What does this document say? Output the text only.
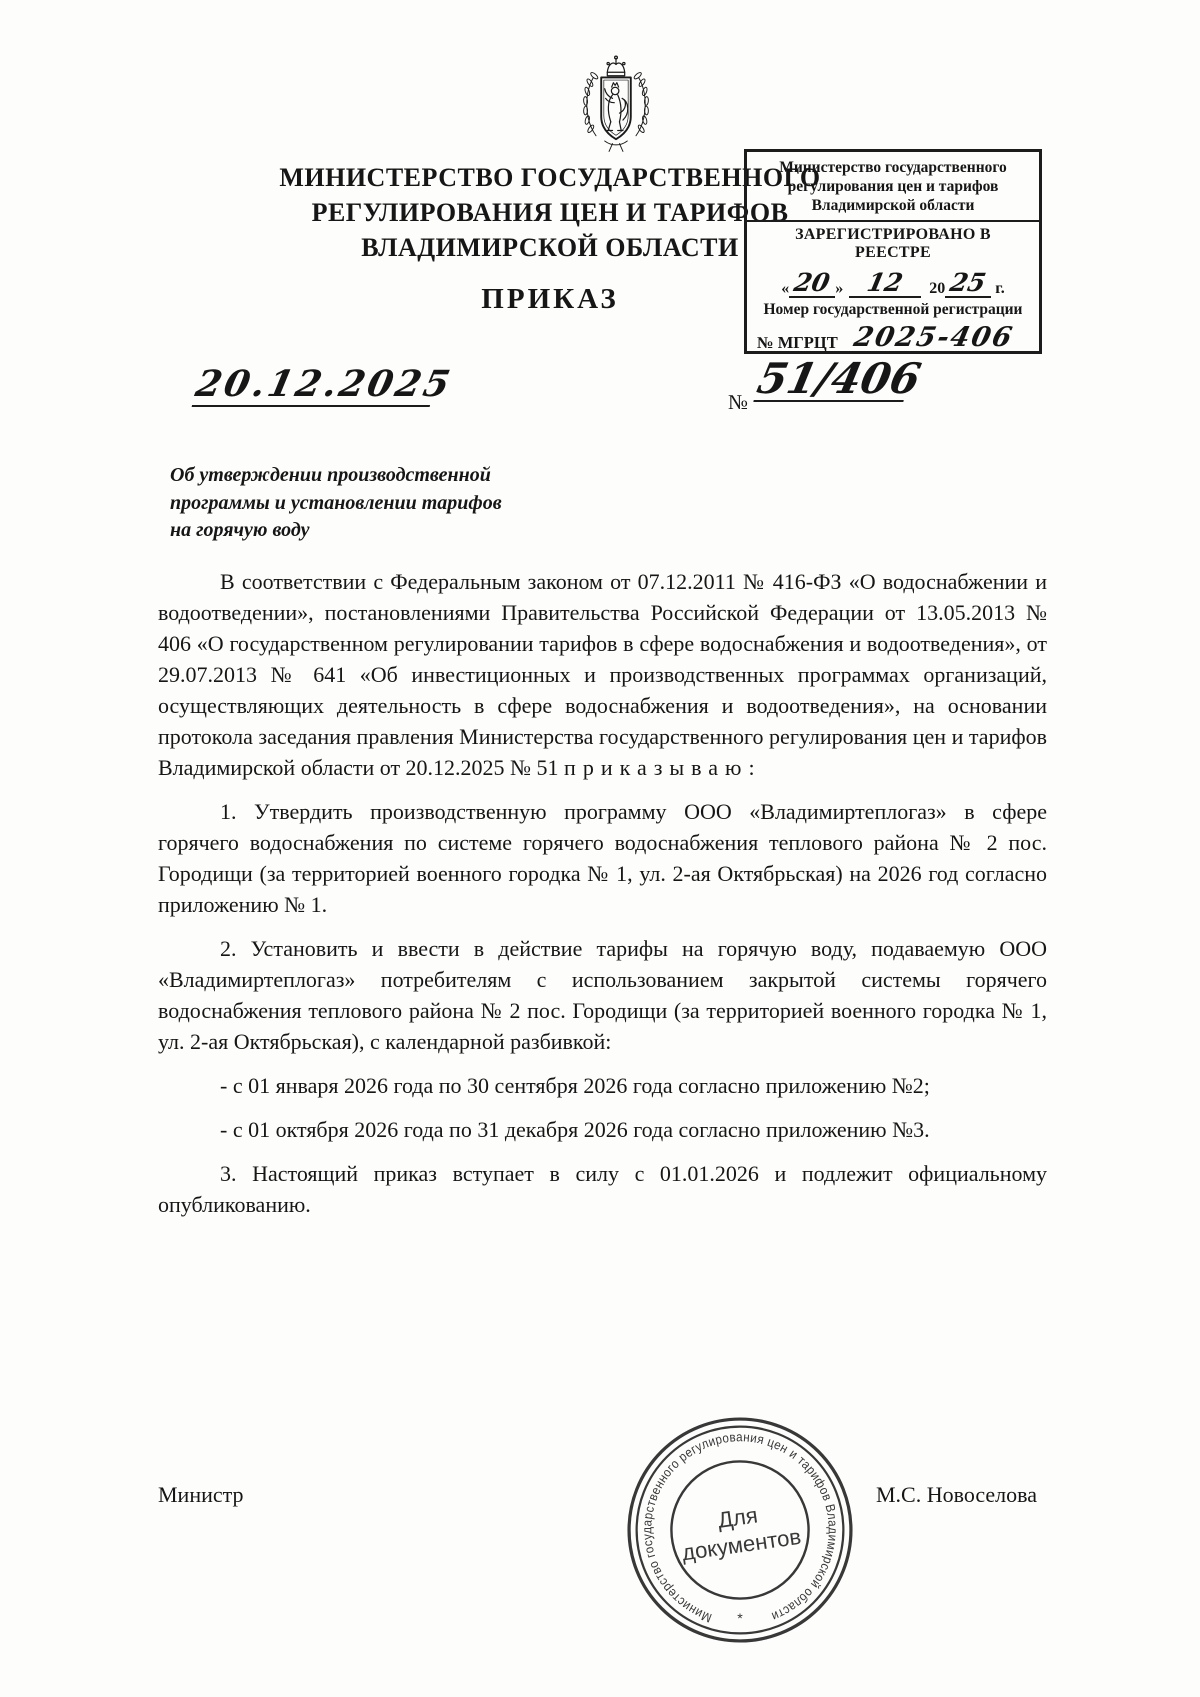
МИНИСТЕРСТВО ГОСУДАРСТВЕННОГО
РЕГУЛИРОВАНИЯ ЦЕН И ТАРИФОВ
ВЛАДИМИРСКОЙ ОБЛАСТИ
ПРИКАЗ
Министерство государственного
регулирования цен и тарифов
Владимирской области
ЗАРЕГИСТРИРОВАНО В РЕЕСТРЕ
« 20 » 12	20 25 г.
Номер государственной регистрации
№ МГРЦТ 2025-406
20.12.2025	№ 51/406
Об утверждении производственной
программы и установлении тарифов
на горячую воду

В соответствии с Федеральным законом от 07.12.2011 № 416-ФЗ «О водоснабжении и водоотведении», постановлениями Правительства Российской Федерации от 13.05.2013 № 406 «О государственном регулировании тарифов в сфере водоснабжения и водоотведения», от 29.07.2013 № 641 «Об инвестиционных и производственных программах организаций, осуществляющих деятельность в сфере водоснабжения и водоотведения», на основании протокола заседания правления Министерства государственного регулирования цен и тарифов Владимирской области от 20.12.2025 № 51 приказываю:

1. Утвердить производственную программу ООО «Владимиртеплогаз» в сфере горячего водоснабжения по системе горячего водоснабжения теплового района № 2 пос. Городищи (за территорией военного городка № 1, ул. 2-ая Октябрьская) на 2026 год согласно приложению № 1.

2. Установить и ввести в действие тарифы на горячую воду, подаваемую ООО «Владимиртеплогаз» потребителям с использованием закрытой системы горячего водоснабжения теплового района № 2 пос. Городищи (за территорией военного городка № 1, ул. 2-ая Октябрьская), с календарной разбивкой:

- с 01 января 2026 года по 30 сентября 2026 года согласно приложению №2;

- с 01 октября 2026 года по 31 декабря 2026 года согласно приложению №3.

3. Настоящий приказ вступает в силу с 01.01.2026 и подлежит официальному опубликованию.

Министр	М.С. Новоселова
Министерство государственного регулирования цен и тарифов Владимирской области
*
Для
документов
